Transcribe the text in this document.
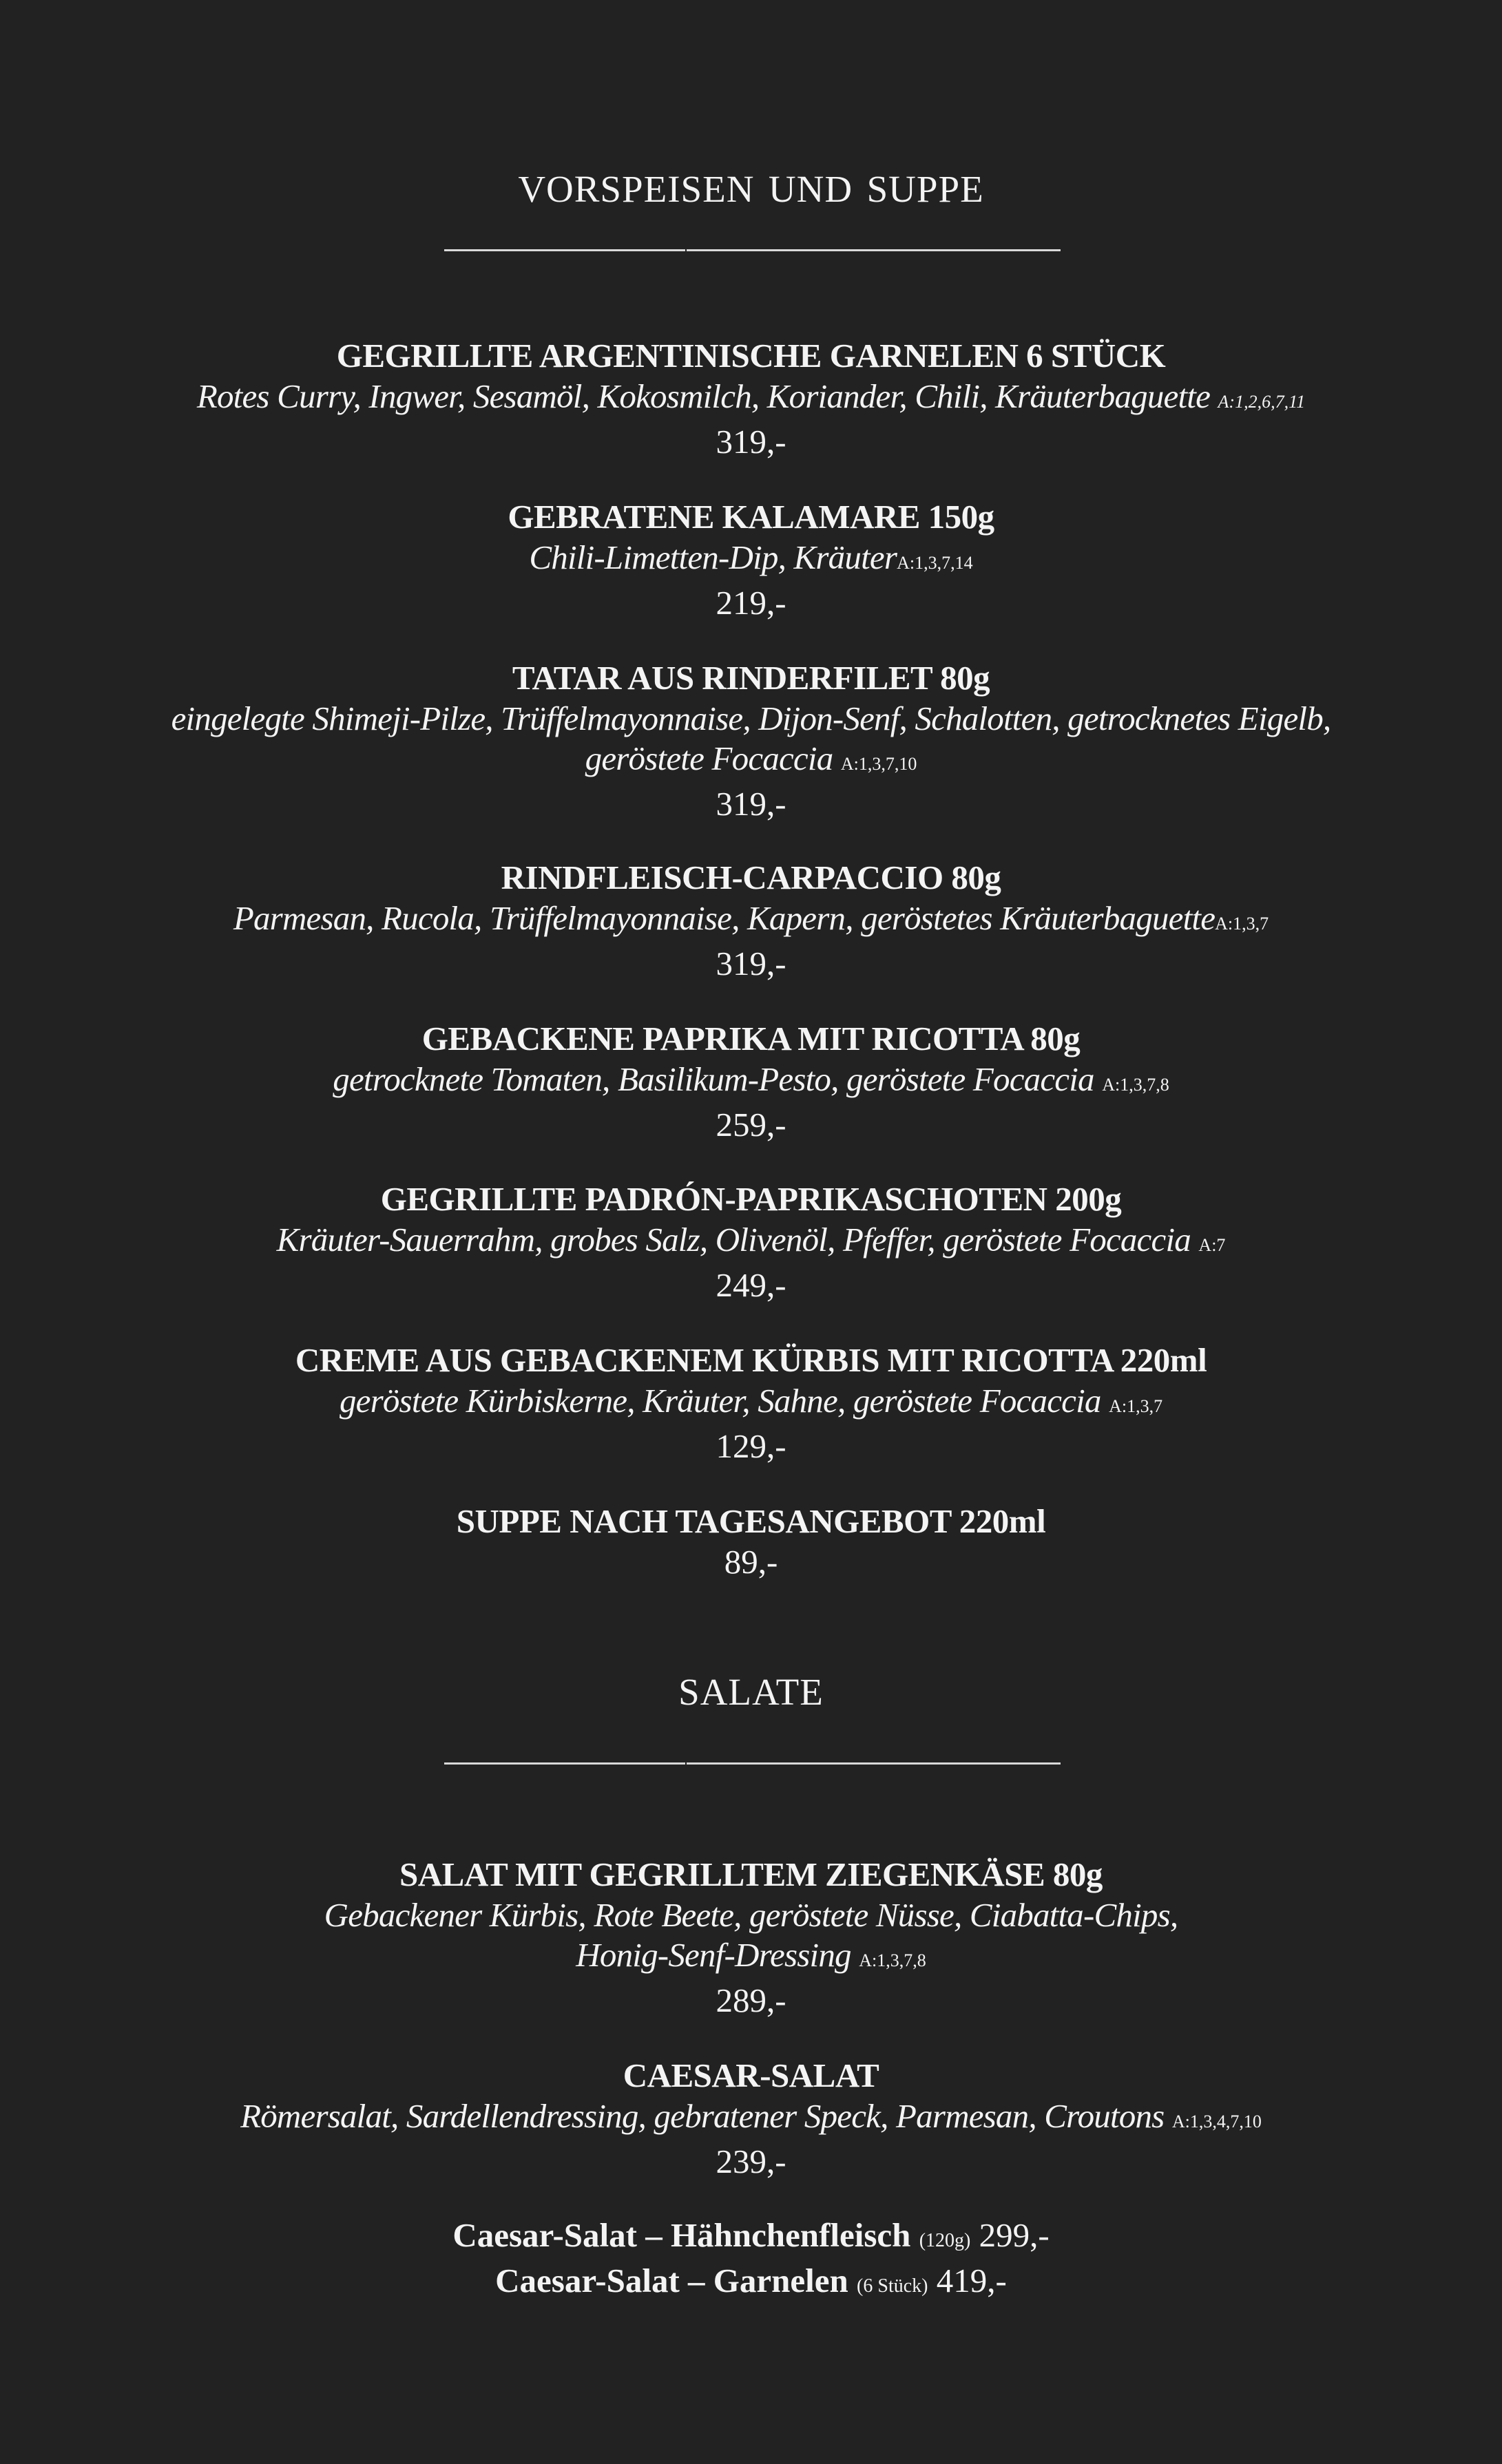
vorspeisen und suppe
GEGRILLTE ARGENTINISCHE GARNELEN 6 STÜCK
Rotes Curry, Ingwer, Sesamöl, Kokosmilch, Koriander, Chili, Kräuterbaguette A:1,2,6,7,11
319,-
GEBRATENE KALAMARE 150g
Chili-Limetten-Dip, KräuterA:1,3,7,14
219,-
TATAR AUS RINDERFILET 80g
eingelegte Shimeji-Pilze, Trüffelmayonnaise, Dijon-Senf, Schalotten, getrocknetes Eigelb,
geröstete Focaccia A:1,3,7,10
319,-
RINDFLEISCH-CARPACCIO 80g
Parmesan, Rucola, Trüffelmayonnaise, Kapern, geröstetes KräuterbaguetteA:1,3,7
319,-
GEBACKENE PAPRIKA MIT RICOTTA 80g
getrocknete Tomaten, Basilikum-Pesto, geröstete Focaccia A:1,3,7,8
259,-
GEGRILLTE PADRÓN-PAPRIKASCHOTEN 200g
Kräuter-Sauerrahm, grobes Salz, Olivenöl, Pfeffer, geröstete Focaccia A:7
249,-
CREME AUS GEBACKENEM KÜRBIS MIT RICOTTA 220ml
geröstete Kürbiskerne, Kräuter, Sahne, geröstete Focaccia A:1,3,7
129,-
SUPPE NACH TAGESANGEBOT 220ml
89,-
salate
SALAT MIT GEGRILLTEM ZIEGENKÄSE 80g
Gebackener Kürbis, Rote Beete, geröstete Nüsse, Ciabatta-Chips,
Honig-Senf-Dressing A:1,3,7,8
289,-
CAESAR-SALAT
Römersalat, Sardellendressing, gebratener Speck, Parmesan, Croutons A:1,3,4,7,10
239,-
Caesar-Salat – Hähnchenfleisch (120g) 299,-
Caesar-Salat – Garnelen (6 Stück) 419,-
